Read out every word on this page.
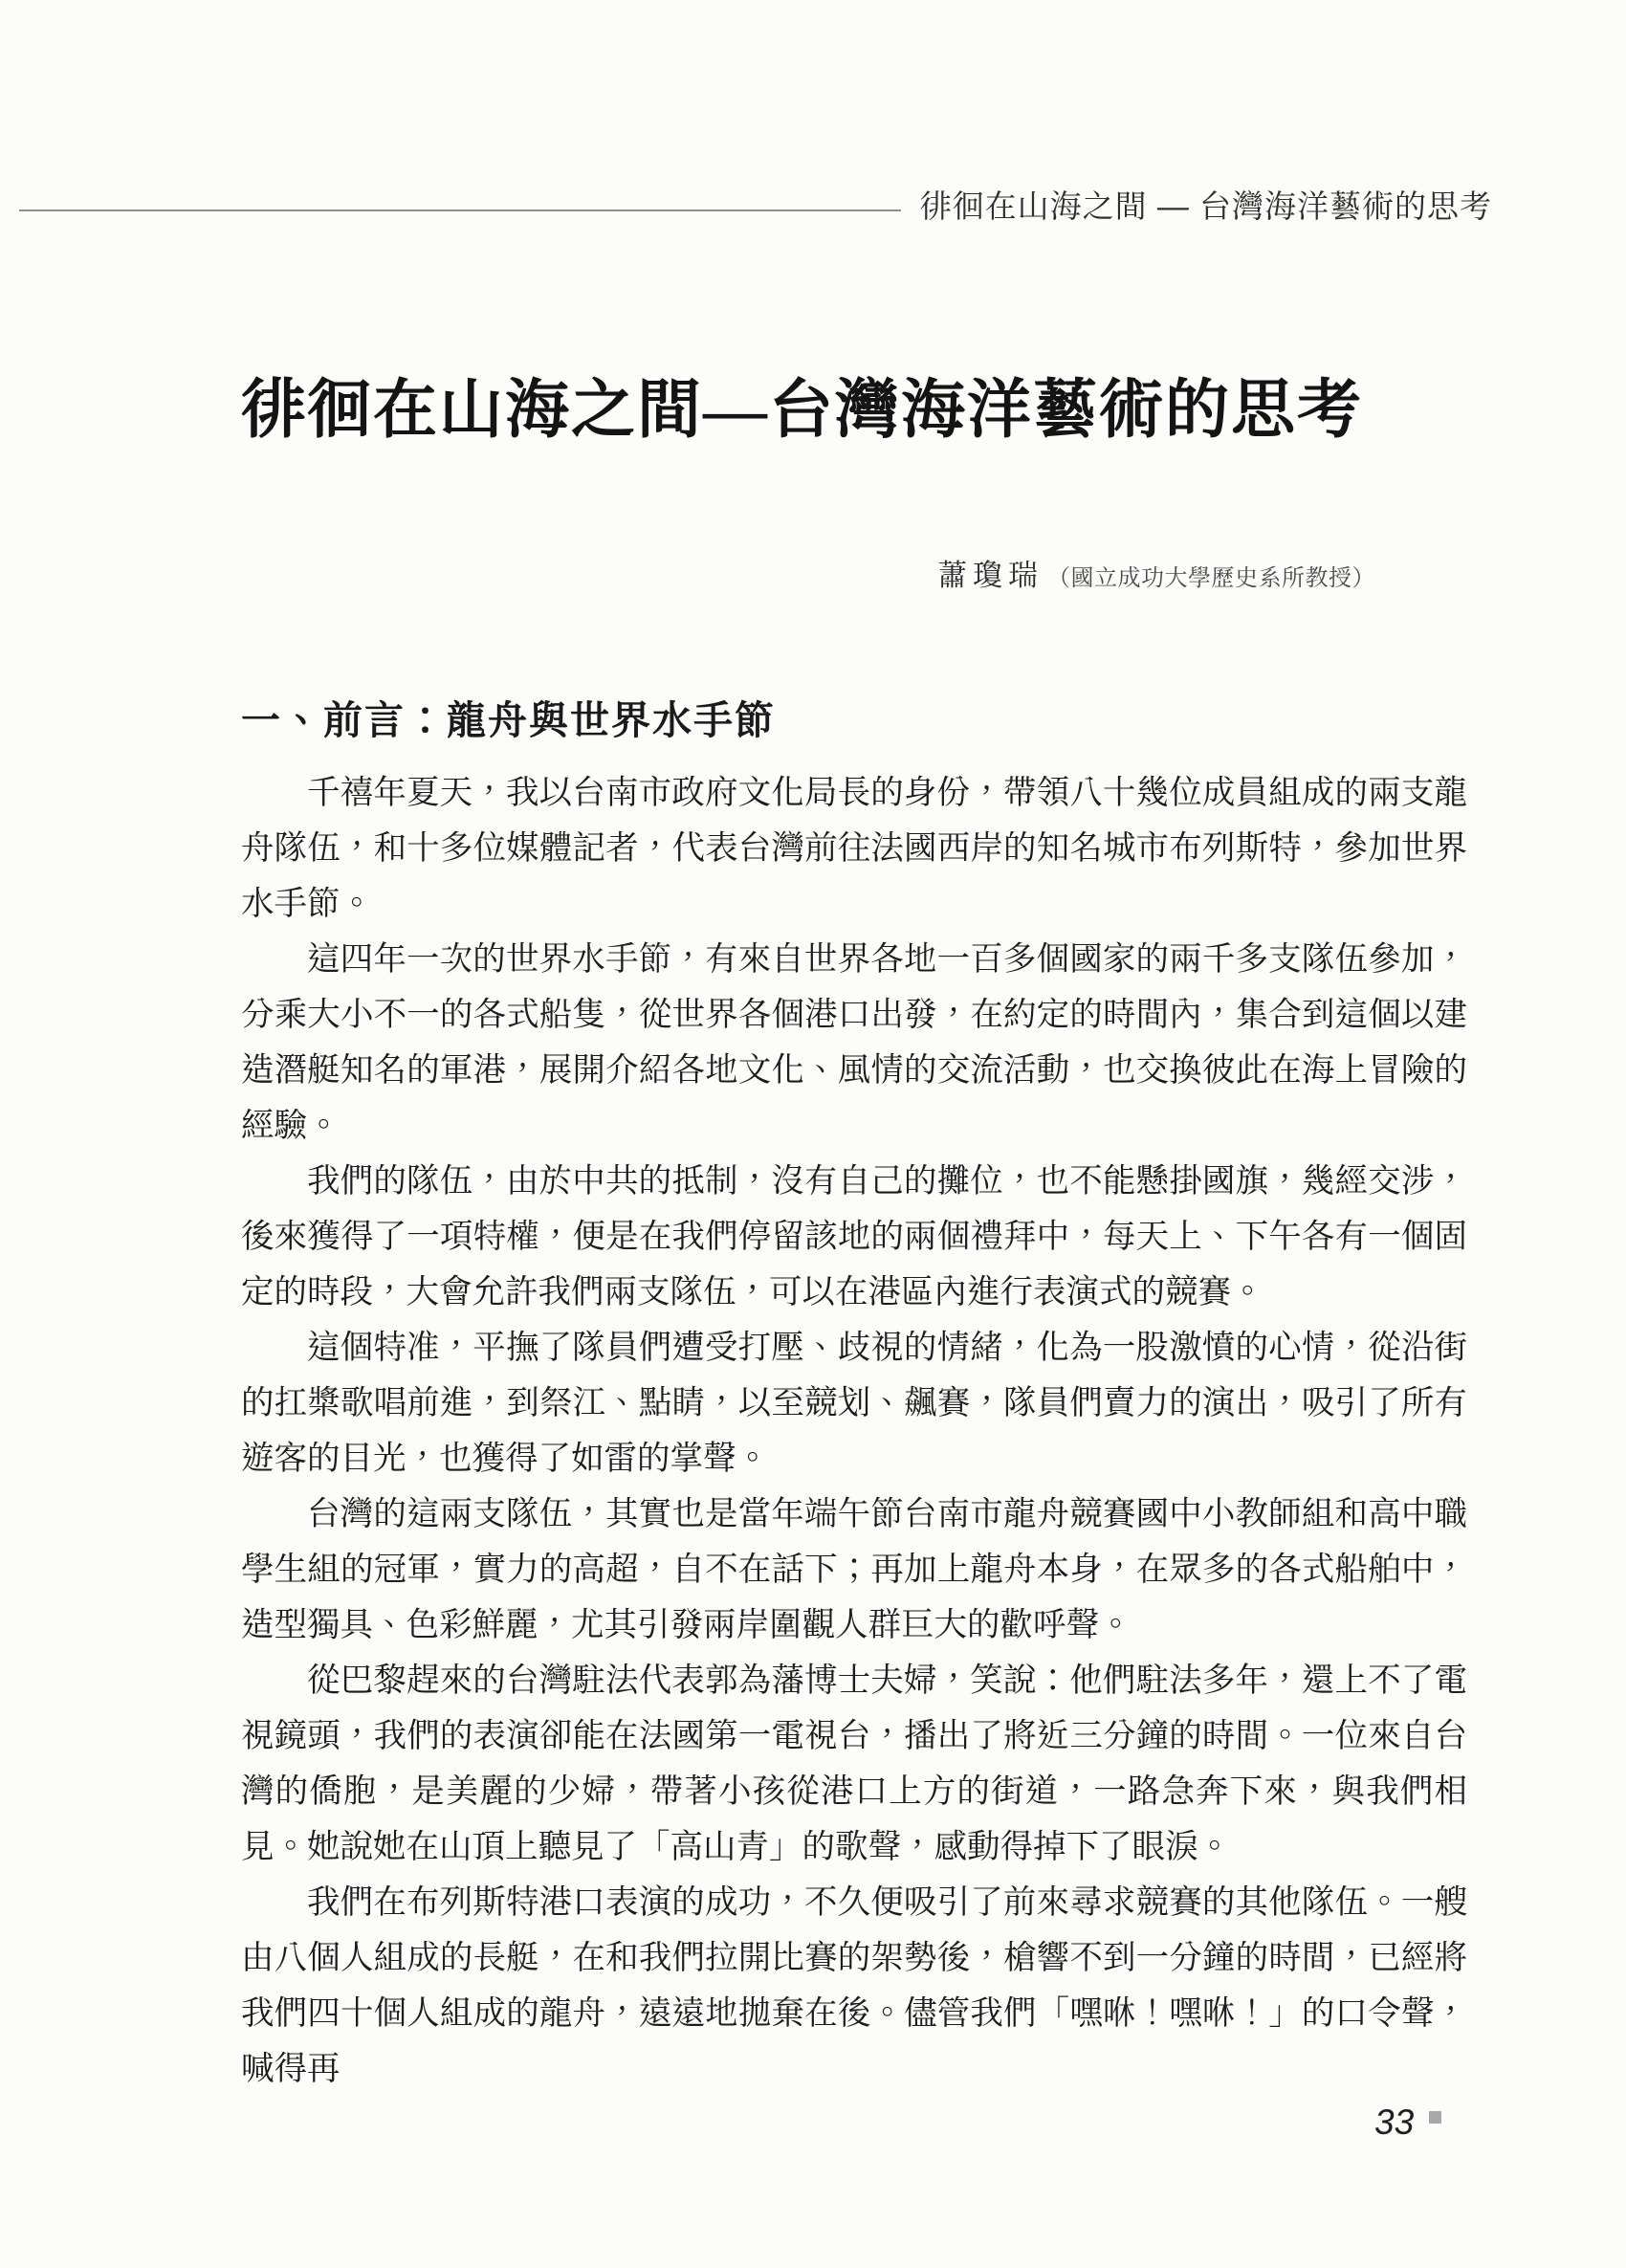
徘徊在山海之間 — 台灣海洋藝術的思考
徘徊在山海之間—台灣海洋藝術的思考
蕭瓊瑞 （國立成功大學歷史系所教授）
一、前言：龍舟與世界水手節

千禧年夏天，我以台南市政府文化局長的身份，帶領八十幾位成員組成的兩支龍舟隊伍，和十多位媒體記者，代表台灣前往法國西岸的知名城市布列斯特，參加世界水手節。

這四年一次的世界水手節，有來自世界各地一百多個國家的兩千多支隊伍參加，分乘大小不一的各式船隻，從世界各個港口出發，在約定的時間內，集合到這個以建造潛艇知名的軍港，展開介紹各地文化、風情的交流活動，也交換彼此在海上冒險的經驗。

我們的隊伍，由於中共的抵制，沒有自己的攤位，也不能懸掛國旗，幾經交涉，後來獲得了一項特權，便是在我們停留該地的兩個禮拜中，每天上、下午各有一個固定的時段，大會允許我們兩支隊伍，可以在港區內進行表演式的競賽。

這個特准，平撫了隊員們遭受打壓、歧視的情緒，化為一股激憤的心情，從沿街的扛槳歌唱前進，到祭江、點睛，以至競划、飆賽，隊員們賣力的演出，吸引了所有遊客的目光，也獲得了如雷的掌聲。

台灣的這兩支隊伍，其實也是當年端午節台南市龍舟競賽國中小教師組和高中職學生組的冠軍，實力的高超，自不在話下；再加上龍舟本身，在眾多的各式船舶中，造型獨具、色彩鮮麗，尤其引發兩岸圍觀人群巨大的歡呼聲。

從巴黎趕來的台灣駐法代表郭為藩博士夫婦，笑說：他們駐法多年，還上不了電視鏡頭，我們的表演卻能在法國第一電視台，播出了將近三分鐘的時間。一位來自台灣的僑胞，是美麗的少婦，帶著小孩從港口上方的街道，一路急奔下來，與我們相見。她說她在山頂上聽見了「高山青」的歌聲，感動得掉下了眼淚。

我們在布列斯特港口表演的成功，不久便吸引了前來尋求競賽的其他隊伍。一艘由八個人組成的長艇，在和我們拉開比賽的架勢後，槍響不到一分鐘的時間，已經將我們四十個人組成的龍舟，遠遠地拋棄在後。儘管我們「嘿咻！嘿咻！」的口令聲，喊得再

33
